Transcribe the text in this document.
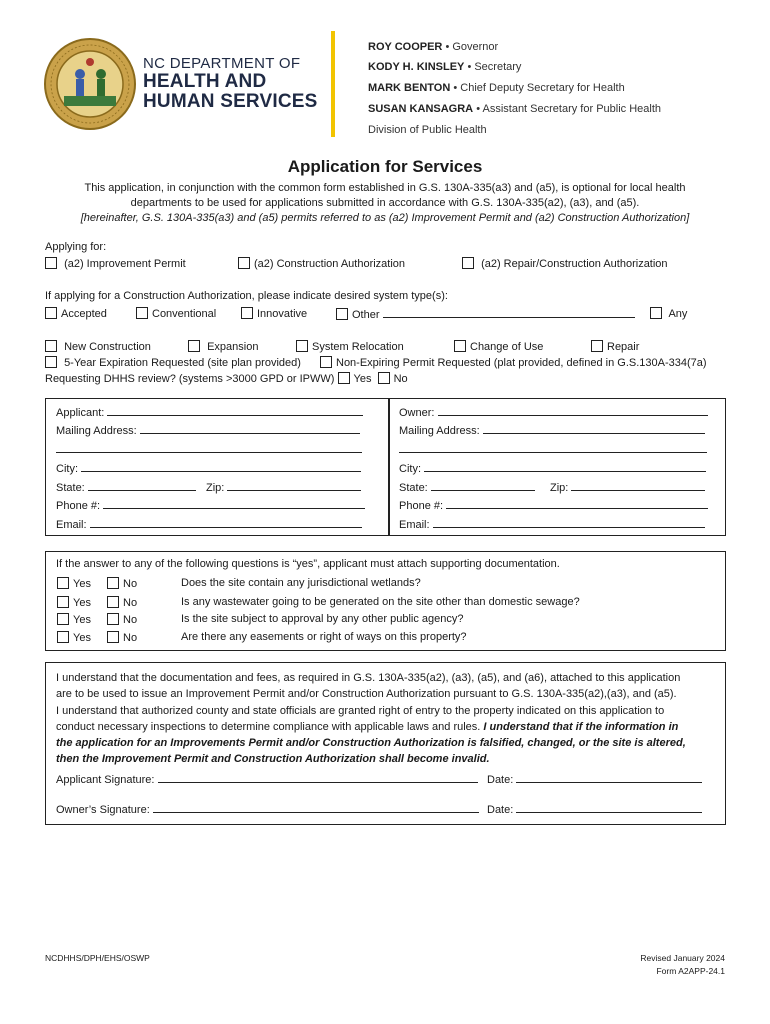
NC DEPARTMENT OF
HEALTH AND
HUMAN SERVICES
ROY COOPER • Governor
KODY H. KINSLEY • Secretary
MARK BENTON • Chief Deputy Secretary for Health
SUSAN KANSAGRA • Assistant Secretary for Public Health
Division of Public Health
Application for Services
This application, in conjunction with the common form established in G.S. 130A-335(a3) and (a5), is optional for local health
departments to be used for applications submitted in accordance with G.S. 130A-335(a2), (a3), and (a5).
[hereinafter, G.S. 130A-335(a3) and (a5) permits referred to as (a2) Improvement Permit and (a2) Construction Authorization]
Applying for:
(a2) Improvement Permit	(a2) Construction Authorization	(a2) Repair/Construction Authorization
If applying for a Construction Authorization, please indicate desired system type(s):
Accepted	Conventional	Innovative	Other	Any
New Construction	Expansion	System Relocation	Change of Use	Repair
5-Year Expiration Requested (site plan provided)	Non-Expiring Permit Requested (plat provided, defined in G.S.130A-334(7a)
Requesting DHHS review? (systems >3000 GPD or IPWW) Yes No
Applicant:
Mailing Address:
City:
State:	Zip:
Phone #:
Email:
Owner:
Mailing Address:
City:
State:	Zip:
Phone #:
Email:
If the answer to any of the following questions is “yes”, applicant must attach supporting documentation.
Yes	No	Does the site contain any jurisdictional wetlands?
Yes	No	Is any wastewater going to be generated on the site other than domestic sewage?
Yes	No	Is the site subject to approval by any other public agency?
Yes	No	Are there any easements or right of ways on this property?
I understand that the documentation and fees, as required in G.S. 130A-335(a2), (a3), (a5), and (a6), attached to this application
are to be used to issue an Improvement Permit and/or Construction Authorization pursuant to G.S. 130A-335(a2),(a3), and (a5).
I understand that authorized county and state officials are granted right of entry to the property indicated on this application to
conduct necessary inspections to determine compliance with applicable laws and rules. I understand that if the information in
the application for an Improvements Permit and/or Construction Authorization is falsified, changed, or the site is altered,
then the Improvement Permit and Construction Authorization shall become invalid.
Applicant Signature:	Date:
Owner’s Signature:	Date:
NCDHHS/DPH/EHS/OSWP	Revised January 2024
Form A2APP-24.1
